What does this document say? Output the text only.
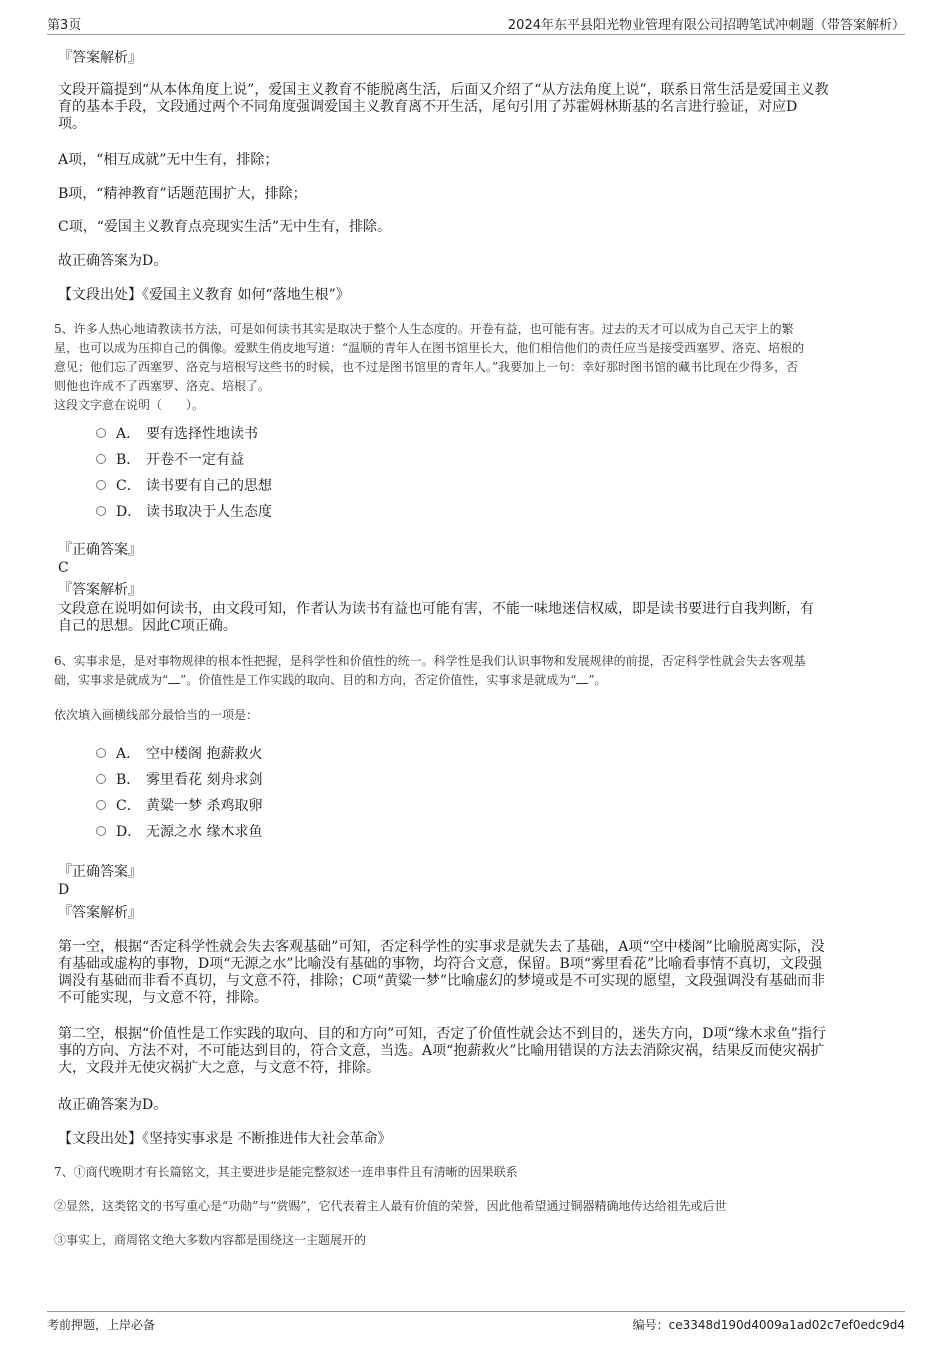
第3页	2024年东平县阳光物业管理有限公司招聘笔试冲刺题（带答案解析）
『答案解析』
文段开篇提到“从本体角度上说”，爱国主义教育不能脱离生活，后面又介绍了“从方法角度上说”，联系日常生活是爱国主义教
育的基本手段，文段通过两个不同角度强调爱国主义教育离不开生活，尾句引用了苏霍姆林斯基的名言进行验证，对应D
项。
A项，“相互成就”无中生有，排除；
B项，“精神教育”话题范围扩大，排除；
C项，“爱国主义教育点亮现实生活”无中生有，排除。
故正确答案为D。
【文段出处】《爱国主义教育 如何“落地生根”》
5、许多人热心地请教读书方法，可是如何读书其实是取决于整个人生态度的。开卷有益，也可能有害。过去的天才可以成为自己天宇上的繁
星，也可以成为压抑自己的偶像。爱默生俏皮地写道：“温顺的青年人在图书馆里长大，他们相信他们的责任应当是接受西塞罗、洛克、培根的
意见；他们忘了西塞罗、洛克与培根写这些书的时候，也不过是图书馆里的青年人。”我要加上一句：幸好那时图书馆的藏书比现在少得多，否
则他也许成不了西塞罗、洛克、培根了。
这段文字意在说明（　　）。
A． 要有选择性地读书
B． 开卷不一定有益
C． 读书要有自己的思想
D． 读书取决于人生态度
『正确答案』
C
『答案解析』
文段意在说明如何读书，由文段可知，作者认为读书有益也可能有害，不能一味地迷信权威，即是读书要进行自我判断，有
自己的思想。因此C项正确。
6、实事求是，是对事物规律的根本性把握，是科学性和价值性的统一。科学性是我们认识事物和发展规律的前提，否定科学性就会失去客观基
础，实事求是就成为“ ”。价值性是工作实践的取向、目的和方向，否定价值性，实事求是就成为“ ”。
依次填入画横线部分最恰当的一项是：
A． 空中楼阁 抱薪救火
B． 雾里看花 刻舟求剑
C． 黄粱一梦 杀鸡取卵
D． 无源之水 缘木求鱼
『正确答案』
D
『答案解析』
第一空，根据“否定科学性就会失去客观基础”可知，否定科学性的实事求是就失去了基础，A项“空中楼阁”比喻脱离实际，没
有基础或虚构的事物，D项“无源之水”比喻没有基础的事物，均符合文意，保留。B项“雾里看花”比喻看事情不真切，文段强
调没有基础而非看不真切，与文意不符，排除；C项“黄粱一梦”比喻虚幻的梦境或是不可实现的愿望，文段强调没有基础而非
不可能实现，与文意不符，排除。
第二空，根据“价值性是工作实践的取向、目的和方向”可知，否定了价值性就会达不到目的，迷失方向，D项“缘木求鱼”指行
事的方向、方法不对，不可能达到目的，符合文意，当选。A项“抱薪救火”比喻用错误的方法去消除灾祸，结果反而使灾祸扩
大，文段并无使灾祸扩大之意，与文意不符，排除。
故正确答案为D。
【文段出处】《坚持实事求是 不断推进伟大社会革命》
7、①商代晚期才有长篇铭文，其主要进步是能完整叙述一连串事件且有清晰的因果联系
②显然，这类铭文的书写重心是“功勋”与“赏赐”，它代表着主人最有价值的荣誉，因此他希望通过铜器精确地传达给祖先或后世
③事实上，商周铭文绝大多数内容都是围绕这一主题展开的
考前押题，上岸必备	编号：ce3348d190d4009a1ad02c7ef0edc9d4
